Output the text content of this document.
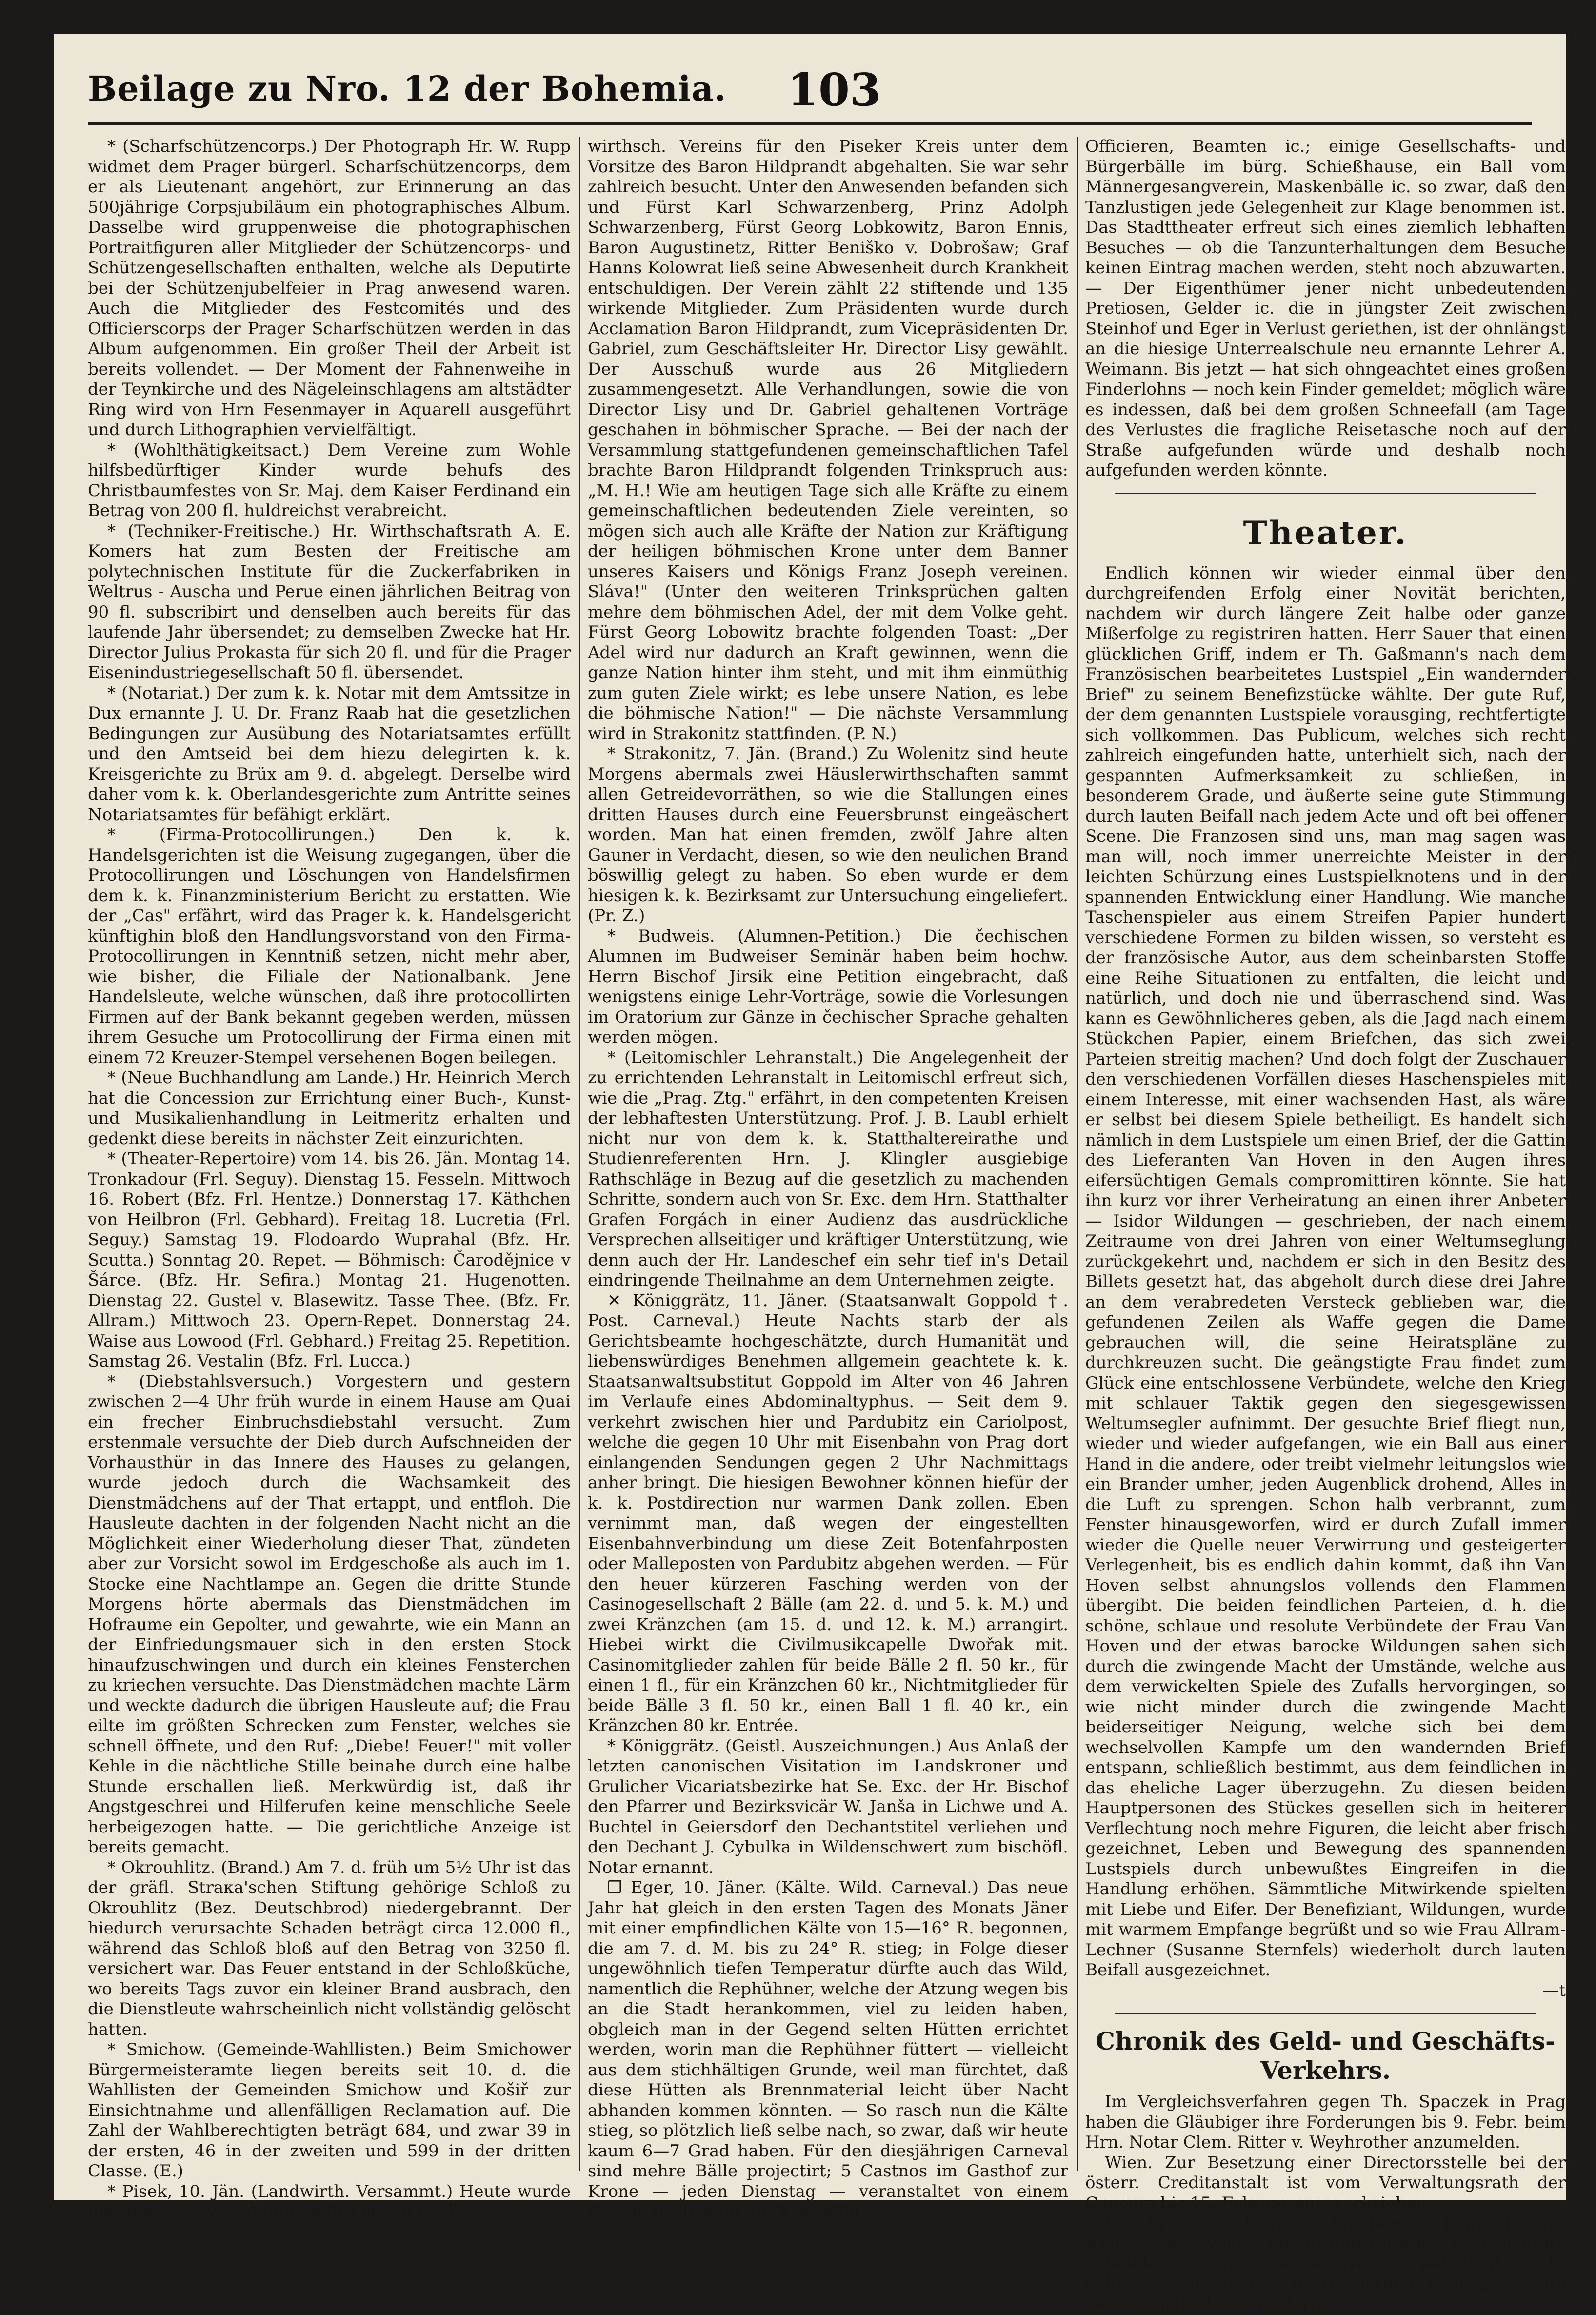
Beilage zu Nro. 12 der Bohemia.	103

* (Scharfschützencorps.) Der Photograph Hr. W. Rupp widmet dem Prager bürgerl. Scharfschützencorps, dem er als Lieutenant angehört, zur Erinnerung an das 500jährige Corpsjubiläum ein photographisches Album. Dasselbe wird gruppenweise die photographischen Portraitfiguren aller Mitglieder der Schützencorps- und Schützengesellschaften enthalten, welche als Deputirte bei der Schützenjubelfeier in Prag anwesend waren. Auch die Mitglieder des Festcomités und des Officierscorps der Prager Scharfschützen werden in das Album aufgenommen. Ein großer Theil der Arbeit ist bereits vollendet. — Der Moment der Fahnenweihe in der Teynkirche und des Nägeleinschlagens am altstädter Ring wird von Hrn Fesenmayer in Aquarell ausgeführt und durch Lithographien vervielfältigt.

* (Wohlthätigkeitsact.) Dem Vereine zum Wohle hilfsbedürftiger Kinder wurde behufs des Christbaumfestes von Sr. Maj. dem Kaiser Ferdinand ein Betrag von 200 fl. huldreichst verabreicht.

* (Techniker-Freitische.) Hr. Wirthschaftsrath A. E. Komers hat zum Besten der Freitische am polytechnischen Institute für die Zuckerfabriken in Weltrus - Auscha und Perue einen jährlichen Beitrag von 90 fl. subscribirt und denselben auch bereits für das laufende Jahr übersendet; zu demselben Zwecke hat Hr. Director Julius Prokasta für sich 20 fl. und für die Prager Eisenindustriegesellschaft 50 fl. übersendet.

* (Notariat.) Der zum k. k. Notar mit dem Amtssitze in Dux ernannte J. U. Dr. Franz Raab hat die gesetzlichen Bedingungen zur Ausübung des Notariatsamtes erfüllt und den Amtseid bei dem hiezu delegirten k. k. Kreisgerichte zu Brüx am 9. d. abgelegt. Derselbe wird daher vom k. k. Oberlandesgerichte zum Antritte seines Notariatsamtes für befähigt erklärt.

* (Firma-Protocollirungen.) Den k. k. Handelsgerichten ist die Weisung zugegangen, über die Protocollirungen und Löschungen von Handelsfirmen dem k. k. Finanzministerium Bericht zu erstatten. Wie der „Cas" erfährt, wird das Prager k. k. Handelsgericht künftighin bloß den Handlungsvorstand von den Firma-Protocollirungen in Kenntniß setzen, nicht mehr aber, wie bisher, die Filiale der Nationalbank. Jene Handelsleute, welche wünschen, daß ihre protocollirten Firmen auf der Bank bekannt gegeben werden, müssen ihrem Gesuche um Protocollirung der Firma einen mit einem 72 Kreuzer-Stempel versehenen Bogen beilegen.

* (Neue Buchhandlung am Lande.) Hr. Heinrich Merch hat die Concession zur Errichtung einer Buch-, Kunst- und Musikalienhandlung in Leitmeritz erhalten und gedenkt diese bereits in nächster Zeit einzurichten.

* (Theater-Repertoire) vom 14. bis 26. Jän. Montag 14. Tronkadour (Frl. Seguy). Dienstag 15. Fesseln. Mittwoch 16. Robert (Bfz. Frl. Hentze.) Donnerstag 17. Käthchen von Heilbron (Frl. Gebhard). Freitag 18. Lucretia (Frl. Seguy.) Samstag 19. Flodoardo Wuprahal (Bfz. Hr. Scutta.) Sonntag 20. Repet. — Böhmisch: Čarodějnice v Šárce. (Bfz. Hr. Sefira.) Montag 21. Hugenotten. Dienstag 22. Gustel v. Blasewitz. Tasse Thee. (Bfz. Fr. Allram.) Mittwoch 23. Opern-Repet. Donnerstag 24. Waise aus Lowood (Frl. Gebhard.) Freitag 25. Repetition. Samstag 26. Vestalin (Bfz. Frl. Lucca.)

* (Diebstahlsversuch.) Vorgestern und gestern zwischen 2—4 Uhr früh wurde in einem Hause am Quai ein frecher Einbruchsdiebstahl versucht. Zum erstenmale versuchte der Dieb durch Aufschneiden der Vorhausthür in das Innere des Hauses zu gelangen, wurde jedoch durch die Wachsamkeit des Dienstmädchens auf der That ertappt, und entfloh. Die Hausleute dachten in der folgenden Nacht nicht an die Möglichkeit einer Wiederholung dieser That, zündeten aber zur Vorsicht sowol im Erdgeschoße als auch im 1. Stocke eine Nachtlampe an. Gegen die dritte Stunde Morgens hörte abermals das Dienstmädchen im Hofraume ein Gepolter, und gewahrte, wie ein Mann an der Einfriedungsmauer sich in den ersten Stock hinaufzuschwingen und durch ein kleines Fensterchen zu kriechen versuchte. Das Dienstmädchen machte Lärm und weckte dadurch die übrigen Hausleute auf; die Frau eilte im größten Schrecken zum Fenster, welches sie schnell öffnete, und den Ruf: „Diebe! Feuer!" mit voller Kehle in die nächtliche Stille beinahe durch eine halbe Stunde erschallen ließ. Merkwürdig ist, daß ihr Angstgeschrei und Hilferufen keine menschliche Seele herbeigezogen hatte. — Die gerichtliche Anzeige ist bereits gemacht.

* Okrouhlitz. (Brand.) Am 7. d. früh um 5½ Uhr ist das der gräfl. Strака'schen Stiftung gehörige Schloß zu Okrouhlitz (Bez. Deutschbrod) niedergebrannt. Der hiedurch verursachte Schaden beträgt circa 12.000 fl., während das Schloß bloß auf den Betrag von 3250 fl. versichert war. Das Feuer entstand in der Schloßküche, wo bereits Tags zuvor ein kleiner Brand ausbrach, den die Dienstleute wahrscheinlich nicht vollständig gelöscht hatten.

* Smichow. (Gemeinde-Wahllisten.) Beim Smichower Bürgermeisteramte liegen bereits seit 10. d. die Wahllisten der Gemeinden Smichow und Košiř zur Einsichtnahme und allenfälligen Reclamation auf. Die Zahl der Wahlberechtigten beträgt 684, und zwar 39 in der ersten, 46 in der zweiten und 599 in der dritten Classe. (E.)

* Pisek, 10. Jän. (Landwirth. Versammt.) Heute wurde hier die erste Versammlung des neuen land-

wirthsch. Vereins für den Piseker Kreis unter dem Vorsitze des Baron Hildprandt abgehalten. Sie war sehr zahlreich besucht. Unter den Anwesenden befanden sich und Fürst Karl Schwarzenberg, Prinz Adolph Schwarzenberg, Fürst Georg Lobkowitz, Baron Ennis, Baron Augustinetz, Ritter Beniško v. Dobrošaw; Graf Hanns Kolowrat ließ seine Abwesenheit durch Krankheit entschuldigen. Der Verein zählt 22 stiftende und 135 wirkende Mitglieder. Zum Präsidenten wurde durch Acclamation Baron Hildprandt, zum Vicepräsidenten Dr. Gabriel, zum Geschäftsleiter Hr. Director Lisy gewählt. Der Ausschuß wurde aus 26 Mitgliedern zusammengesetzt. Alle Verhandlungen, sowie die von Director Lisy und Dr. Gabriel gehaltenen Vorträge geschahen in böhmischer Sprache. — Bei der nach der Versammlung stattgefundenen gemeinschaftlichen Tafel brachte Baron Hildprandt folgenden Trinkspruch aus: „M. H.! Wie am heutigen Tage sich alle Kräfte zu einem gemeinschaftlichen bedeutenden Ziele vereinten, so mögen sich auch alle Kräfte der Nation zur Kräftigung der heiligen böhmischen Krone unter dem Banner unseres Kaisers und Königs Franz Joseph vereinen. Sláva!" (Unter den weiteren Trinksprüchen galten mehre dem böhmischen Adel, der mit dem Volke geht. Fürst Georg Lobowitz brachte folgenden Toast: „Der Adel wird nur dadurch an Kraft gewinnen, wenn die ganze Nation hinter ihm steht, und mit ihm einmüthig zum guten Ziele wirkt; es lebe unsere Nation, es lebe die böhmische Nation!" — Die nächste Versammlung wird in Strakonitz stattfinden. (P. N.)

* Strakonitz, 7. Jän. (Brand.) Zu Wolenitz sind heute Morgens abermals zwei Häuslerwirthschaften sammt allen Getreidevorräthen, so wie die Stallungen eines dritten Hauses durch eine Feuersbrunst eingeäschert worden. Man hat einen fremden, zwölf Jahre alten Gauner in Verdacht, diesen, so wie den neulichen Brand böswillig gelegt zu haben. So eben wurde er dem hiesigen k. k. Bezirksamt zur Untersuchung eingeliefert. (Pr. Z.)

* Budweis. (Alumnen-Petition.) Die čechischen Alumnen im Budweiser Seminär haben beim hochw. Herrn Bischof Jirsik eine Petition eingebracht, daß wenigstens einige Lehr-Vorträge, sowie die Vorlesungen im Oratorium zur Gänze in čechischer Sprache gehalten werden mögen.

* (Leitomischler Lehranstalt.) Die Angelegenheit der zu errichtenden Lehranstalt in Leitomischl erfreut sich, wie die „Prag. Ztg." erfährt, in den competenten Kreisen der lebhaftesten Unterstützung. Prof. J. B. Laubl erhielt nicht nur von dem k. k. Statthaltereirathe und Studienreferenten Hrn. J. Klingler ausgiebige Rathschläge in Bezug auf die gesetzlich zu machenden Schritte, sondern auch von Sr. Exc. dem Hrn. Statthalter Grafen Forgách in einer Audienz das ausdrückliche Versprechen allseitiger und kräftiger Unterstützung, wie denn auch der Hr. Landeschef ein sehr tief in's Detail eindringende Theilnahme an dem Unternehmen zeigte.

✕ Königgrätz, 11. Jäner. (Staatsanwalt Goppold †. Post. Carneval.) Heute Nachts starb der als Gerichtsbeamte hochgeschätzte, durch Humanität und liebenswürdiges Benehmen allgemein geachtete k. k. Staatsanwaltsubstitut Goppold im Alter von 46 Jahren im Verlaufe eines Abdominaltyphus. — Seit dem 9. verkehrt zwischen hier und Pardubitz ein Cariolpost, welche die gegen 10 Uhr mit Eisenbahn von Prag dort einlangenden Sendungen gegen 2 Uhr Nachmittags anher bringt. Die hiesigen Bewohner können hiefür der k. k. Postdirection nur warmen Dank zollen. Eben vernimmt man, daß wegen der eingestellten Eisenbahnverbindung um diese Zeit Botenfahrposten oder Malleposten von Pardubitz abgehen werden. — Für den heuer kürzeren Fasching werden von der Casinogesellschaft 2 Bälle (am 22. d. und 5. k. M.) und zwei Kränzchen (am 15. d. und 12. k. M.) arrangirt. Hiebei wirkt die Civilmusikcapelle Dwořak mit. Casinomitglieder zahlen für beide Bälle 2 fl. 50 kr., für einen 1 fl., für ein Kränzchen 60 kr., Nichtmitglieder für beide Bälle 3 fl. 50 kr., einen Ball 1 fl. 40 kr., ein Kränzchen 80 kr. Entrée.

* Königgrätz. (Geistl. Auszeichnungen.) Aus Anlaß der letzten canonischen Visitation im Landskroner und Grulicher Vicariatsbezirke hat Se. Exc. der Hr. Bischof den Pfarrer und Bezirksvicär W. Janša in Lichwe und A. Buchtel in Geiersdorf den Dechantstitel verliehen und den Dechant J. Cybulka in Wildenschwert zum bischöfl. Notar ernannt.

❒ Eger, 10. Jäner. (Kälte. Wild. Carneval.) Das neue Jahr hat gleich in den ersten Tagen des Monats Jäner mit einer empfindlichen Kälte von 15—16° R. begonnen, die am 7. d. M. bis zu 24° R. stieg; in Folge dieser ungewöhnlich tiefen Temperatur dürfte auch das Wild, namentlich die Rephühner, welche der Atzung wegen bis an die Stadt herankommen, viel zu leiden haben, obgleich man in der Gegend selten Hütten errichtet werden, worin man die Rephühner füttert — vielleicht aus dem stichhältigen Grunde, weil man fürchtet, daß diese Hütten als Brennmaterial leicht über Nacht abhanden kommen könnten. — So rasch nun die Kälte stieg, so plötzlich ließ selbe nach, so zwar, daß wir heute kaum 6—7 Grad haben. Für den diesjährigen Carneval sind mehre Bälle projectirt; 5 Castnos im Gasthof zur Krone — jeden Dienstag — veranstaltet von einem Comité bestehend aus k. k. Milit.

Officieren, Beamten ic.; einige Gesellschafts- und Bürgerbälle im bürg. Schießhause, ein Ball vom Männergesangverein, Maskenbälle ic. so zwar, daß den Tanzlustigen jede Gelegenheit zur Klage benommen ist. Das Stadttheater erfreut sich eines ziemlich lebhaften Besuches — ob die Tanzunterhaltungen dem Besuche keinen Eintrag machen werden, steht noch abzuwarten. — Der Eigenthümer jener nicht unbedeutenden Pretiosen, Gelder ic. die in jüngster Zeit zwischen Steinhof und Eger in Verlust geriethen, ist der ohnlängst an die hiesige Unterrealschule neu ernannte Lehrer A. Weimann. Bis jetzt — hat sich ohngeachtet eines großen Finderlohns — noch kein Finder gemeldet; möglich wäre es indessen, daß bei dem großen Schneefall (am Tage des Verlustes die fragliche Reisetasche noch auf der Straße aufgefunden würde und deshalb noch aufgefunden werden könnte.

Theater.

Endlich können wir wieder einmal über den durchgreifenden Erfolg einer Novität berichten, nachdem wir durch längere Zeit halbe oder ganze Mißerfolge zu registriren hatten. Herr Sauer that einen glücklichen Griff, indem er Th. Gaßmann's nach dem Französischen bearbeitetes Lustspiel „Ein wandernder Brief" zu seinem Benefizstücke wählte. Der gute Ruf, der dem genannten Lustspiele vorausging, rechtfertigte sich vollkommen. Das Publicum, welches sich recht zahlreich eingefunden hatte, unterhielt sich, nach der gespannten Aufmerksamkeit zu schließen, in besonderem Grade, und äußerte seine gute Stimmung durch lauten Beifall nach jedem Acte und oft bei offener Scene. Die Franzosen sind uns, man mag sagen was man will, noch immer unerreichte Meister in der leichten Schürzung eines Lustspielknotens und in der spannenden Entwicklung einer Handlung. Wie manche Taschenspieler aus einem Streifen Papier hundert verschiedene Formen zu bilden wissen, so versteht es der französische Autor, aus dem scheinbarsten Stoffe eine Reihe Situationen zu entfalten, die leicht und natürlich, und doch nie und überraschend sind. Was kann es Gewöhnlicheres geben, als die Jagd nach einem Stückchen Papier, einem Briefchen, das sich zwei Parteien streitig machen? Und doch folgt der Zuschauer den verschiedenen Vorfällen dieses Haschenspieles mit einem Interesse, mit einer wachsenden Hast, als wäre er selbst bei diesem Spiele betheiligt. Es handelt sich nämlich in dem Lustspiele um einen Brief, der die Gattin des Lieferanten Van Hoven in den Augen ihres eifersüchtigen Gemals compromittiren könnte. Sie hat ihn kurz vor ihrer Verheiratung an einen ihrer Anbeter — Isidor Wildungen — geschrieben, der nach einem Zeitraume von drei Jahren von einer Weltumseglung zurückgekehrt und, nachdem er sich in den Besitz des Billets gesetzt hat, das abgeholt durch diese drei Jahre an dem verabredeten Versteck geblieben war, die gefundenen Zeilen als Waffe gegen die Dame gebrauchen will, die seine Heiratspläne zu durchkreuzen sucht. Die geängstigte Frau findet zum Glück eine entschlossene Verbündete, welche den Krieg mit schlauer Taktik gegen den siegesgewissen Weltumsegler aufnimmt. Der gesuchte Brief fliegt nun, wieder und wieder aufgefangen, wie ein Ball aus einer Hand in die andere, oder treibt vielmehr leitungslos wie ein Brander umher, jeden Augenblick drohend, Alles in die Luft zu sprengen. Schon halb verbrannt, zum Fenster hinausgeworfen, wird er durch Zufall immer wieder die Quelle neuer Verwirrung und gesteigerter Verlegenheit, bis es endlich dahin kommt, daß ihn Van Hoven selbst ahnungslos vollends den Flammen übergibt. Die beiden feindlichen Parteien, d. h. die schöne, schlaue und resolute Verbündete der Frau Van Hoven und der etwas barocke Wildungen sahen sich durch die zwingende Macht der Umstände, welche aus dem verwickelten Spiele des Zufalls hervorgingen, so wie nicht minder durch die zwingende Macht beiderseitiger Neigung, welche sich bei dem wechselvollen Kampfe um den wandernden Brief entspann, schließlich bestimmt, aus dem feindlichen in das eheliche Lager überzugehn. Zu diesen beiden Hauptpersonen des Stückes gesellen sich in heiterer Verflechtung noch mehre Figuren, die leicht aber frisch gezeichnet, Leben und Bewegung des spannenden Lustspiels durch unbewußtes Eingreifen in die Handlung erhöhen. Sämmtliche Mitwirkende spielten mit Liebe und Eifer. Der Benefiziant, Wildungen, wurde mit warmem Empfange begrüßt und so wie Frau Allram-Lechner (Susanne Sternfels) wiederholt durch lauten Beifall ausgezeichnet.

—t

Chronik des Geld- und Geschäfts-Verkehrs.

Im Vergleichsverfahren gegen Th. Spaczek in Prag haben die Gläubiger ihre Forderungen bis 9. Febr. beim Hrn. Notar Clem. Ritter v. Weyhrother anzumelden.

Wien. Zur Besetzung einer Directorsstelle bei der österr. Creditanstalt ist vom Verwaltungsrath der Concurs bis 15. Februar ausgeschrieben.

Die „Presse" meldet, eine Fraction der Bankactionäre wolle die vom Finanzministerium beabsichtigte Schmälerung der Dividende (von 30 auf 28 fl.) nicht gelten lassen, sondern im Gegentheil 32 fl. als zweite Semestraldividende fordern.
